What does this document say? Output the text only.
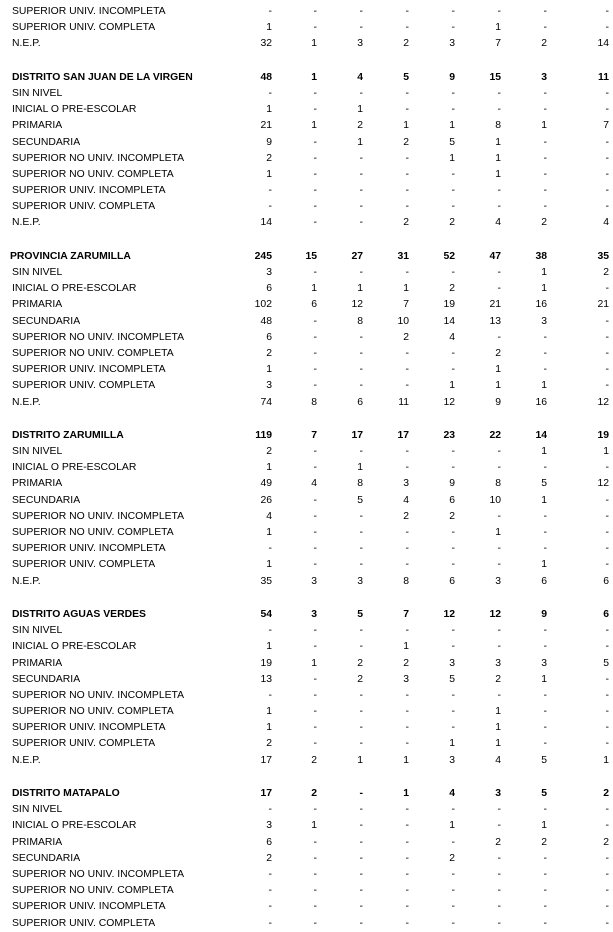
SUPERIOR UNIV. INCOMPLETA	-	-	-	-	-	-	-	-
SUPERIOR UNIV. COMPLETA	1	-	-	-	-	1	-	-
N.E.P.	32	1	3	2	3	7	2	14
DISTRITO SAN JUAN DE LA VIRGEN	48	1	4	5	9	15	3	11
SIN NIVEL	-	-	-	-	-	-	-	-
INICIAL O PRE-ESCOLAR	1	-	1	-	-	-	-	-
PRIMARIA	21	1	2	1	1	8	1	7
SECUNDARIA	9	-	1	2	5	1	-	-
SUPERIOR NO UNIV. INCOMPLETA	2	-	-	-	1	1	-	-
SUPERIOR NO UNIV. COMPLETA	1	-	-	-	-	1	-	-
SUPERIOR UNIV. INCOMPLETA	-	-	-	-	-	-	-	-
SUPERIOR UNIV. COMPLETA	-	-	-	-	-	-	-	-
N.E.P.	14	-	-	2	2	4	2	4
PROVINCIA ZARUMILLA	245	15	27	31	52	47	38	35
SIN NIVEL	3	-	-	-	-	-	1	2
INICIAL O PRE-ESCOLAR	6	1	1	1	2	-	1	-
PRIMARIA	102	6	12	7	19	21	16	21
SECUNDARIA	48	-	8	10	14	13	3	-
SUPERIOR NO UNIV. INCOMPLETA	6	-	-	2	4	-	-	-
SUPERIOR NO UNIV. COMPLETA	2	-	-	-	-	2	-	-
SUPERIOR UNIV. INCOMPLETA	1	-	-	-	-	1	-	-
SUPERIOR UNIV. COMPLETA	3	-	-	-	1	1	1	-
N.E.P.	74	8	6	11	12	9	16	12
DISTRITO ZARUMILLA	119	7	17	17	23	22	14	19
SIN NIVEL	2	-	-	-	-	-	1	1
INICIAL O PRE-ESCOLAR	1	-	1	-	-	-	-	-
PRIMARIA	49	4	8	3	9	8	5	12
SECUNDARIA	26	-	5	4	6	10	1	-
SUPERIOR NO UNIV. INCOMPLETA	4	-	-	2	2	-	-	-
SUPERIOR NO UNIV. COMPLETA	1	-	-	-	-	1	-	-
SUPERIOR UNIV. INCOMPLETA	-	-	-	-	-	-	-	-
SUPERIOR UNIV. COMPLETA	1	-	-	-	-	-	1	-
N.E.P.	35	3	3	8	6	3	6	6
DISTRITO AGUAS VERDES	54	3	5	7	12	12	9	6
SIN NIVEL	-	-	-	-	-	-	-	-
INICIAL O PRE-ESCOLAR	1	-	-	1	-	-	-	-
PRIMARIA	19	1	2	2	3	3	3	5
SECUNDARIA	13	-	2	3	5	2	1	-
SUPERIOR NO UNIV. INCOMPLETA	-	-	-	-	-	-	-	-
SUPERIOR NO UNIV. COMPLETA	1	-	-	-	-	1	-	-
SUPERIOR UNIV. INCOMPLETA	1	-	-	-	-	1	-	-
SUPERIOR UNIV. COMPLETA	2	-	-	-	1	1	-	-
N.E.P.	17	2	1	1	3	4	5	1
DISTRITO MATAPALO	17	2	-	1	4	3	5	2
SIN NIVEL	-	-	-	-	-	-	-	-
INICIAL O PRE-ESCOLAR	3	1	-	-	1	-	1	-
PRIMARIA	6	-	-	-	-	2	2	2
SECUNDARIA	2	-	-	-	2	-	-	-
SUPERIOR NO UNIV. INCOMPLETA	-	-	-	-	-	-	-	-
SUPERIOR NO UNIV. COMPLETA	-	-	-	-	-	-	-	-
SUPERIOR UNIV. INCOMPLETA	-	-	-	-	-	-	-	-
SUPERIOR UNIV. COMPLETA	-	-	-	-	-	-	-	-
